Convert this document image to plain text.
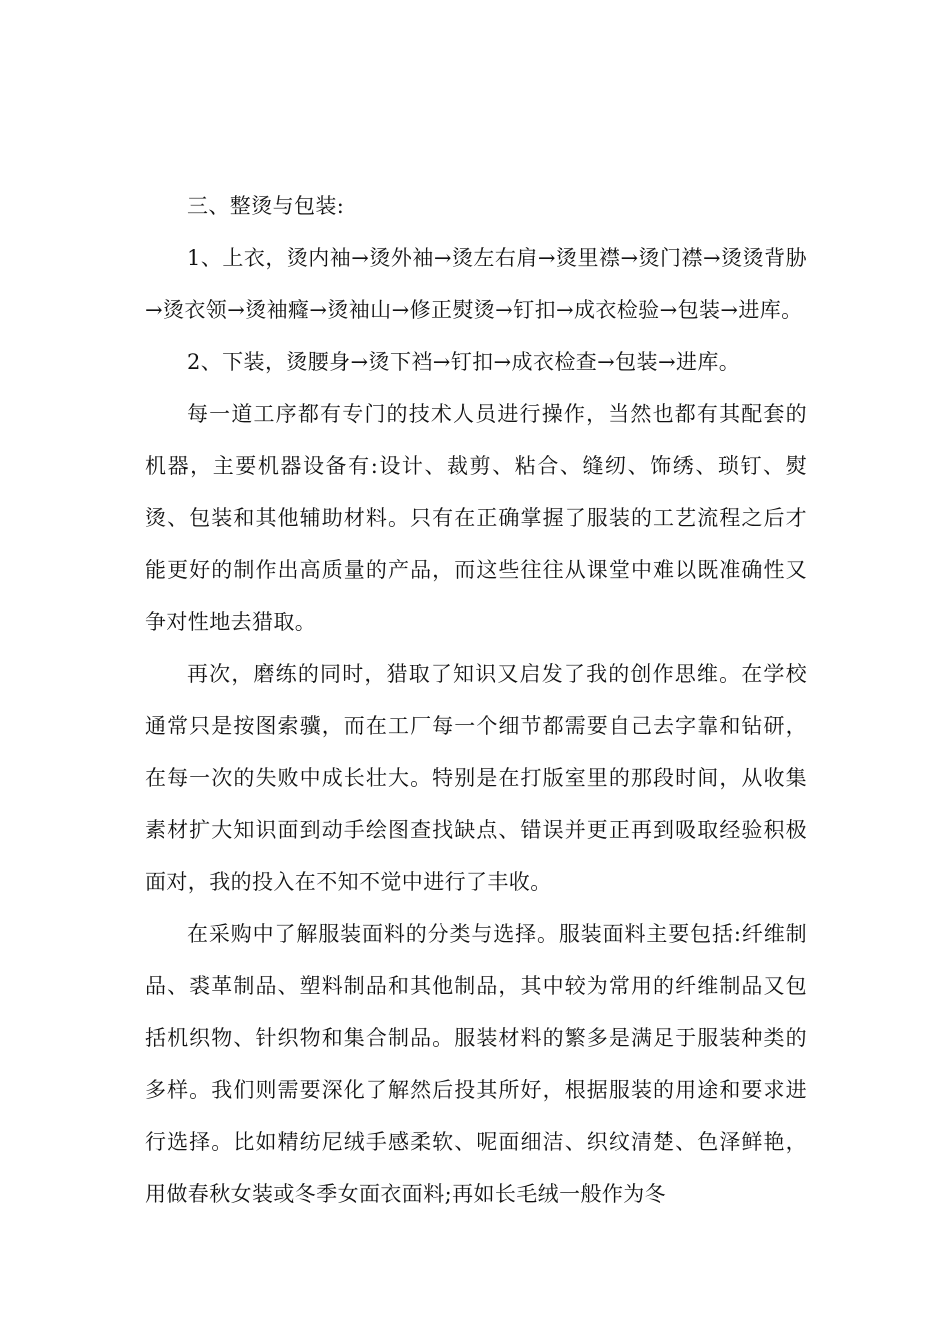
三、整烫与包装:

1、上衣，烫内袖→烫外袖→烫左右肩→烫里襟→烫门襟→烫烫背胁→烫衣领→烫袖癃→烫袖山→修正熨烫→钉扣→成衣检验→包装→进库。

2、下装，烫腰身→烫下裆→钉扣→成衣检查→包装→进库。

每一道工序都有专门的技术人员进行操作，当然也都有其配套的机器，主要机器设备有:设计、裁剪、粘合、缝纫、饰绣、琐钉、熨烫、包装和其他辅助材料。只有在正确掌握了服装的工艺流程之后才能更好的制作出高质量的产品，而这些往往从课堂中难以既准确性又争对性地去猎取。

再次，磨练的同时，猎取了知识又启发了我的创作思维。在学校通常只是按图索骥，而在工厂每一个细节都需要自己去字靠和钻研，在每一次的失败中成长壮大。特别是在打版室里的那段时间，从收集素材扩大知识面到动手绘图查找缺点、错误并更正再到吸取经验积极面对，我的投入在不知不觉中进行了丰收。

在采购中了解服装面料的分类与选择。服装面料主要包括:纤维制品、裘革制品、塑料制品和其他制品，其中较为常用的纤维制品又包括机织物、针织物和集合制品。服装材料的繁多是满足于服装种类的多样。我们则需要深化了解然后投其所好，根据服装的用途和要求进行选择。比如精纺尼绒手感柔软、呢面细洁、织纹清楚、色泽鲜艳，用做春秋女装或冬季女面衣面料;再如长毛绒一般作为冬
